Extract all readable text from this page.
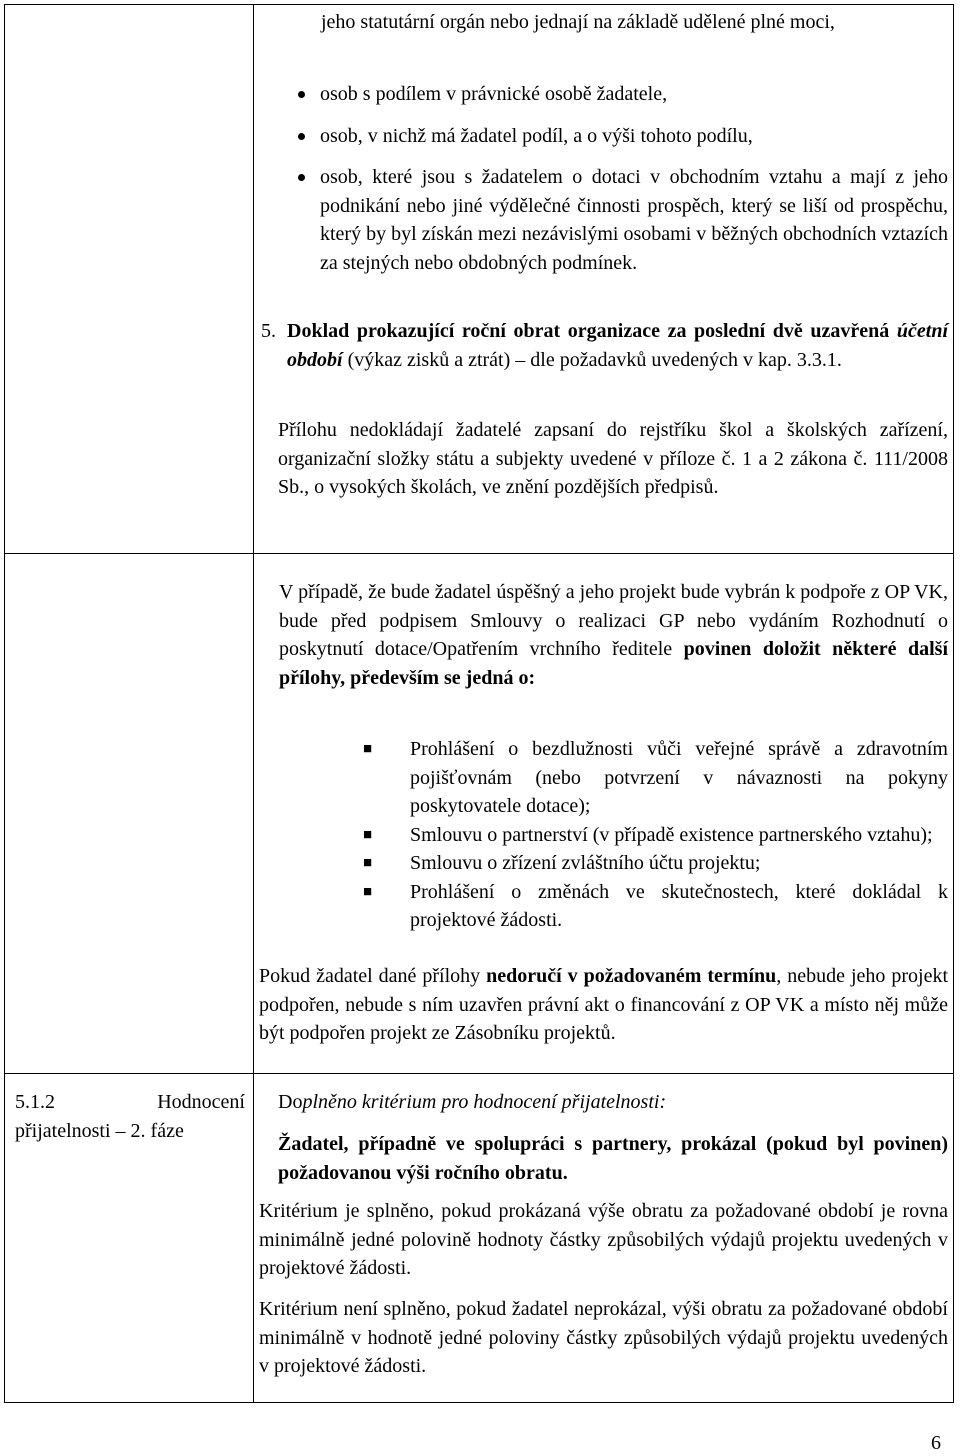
jeho statutární orgán nebo jednají na základě udělené plné moci,
osob s podílem v právnické osobě žadatele,
osob, v nichž má žadatel podíl, a o výši tohoto podílu,
osob, které jsou s žadatelem o dotaci v obchodním vztahu a mají z jeho podnikání nebo jiné výdělečné činnosti prospěch, který se liší od prospěchu, který by byl získán mezi nezávislými osobami v běžných obchodních vztazích za stejných nebo obdobných podmínek.
5. Doklad prokazující roční obrat organizace za poslední dvě uzavřená účetní období (výkaz zisků a ztrát) – dle požadavků uvedených v kap. 3.3.1.
Přílohu nedokládají žadatelé zapsaní do rejstříku škol a školských zařízení, organizační složky státu a subjekty uvedené v příloze č. 1 a 2 zákona č. 111/2008 Sb., o vysokých školách, ve znění pozdějších předpisů.
V případě, že bude žadatel úspěšný a jeho projekt bude vybrán k podpoře z OP VK, bude před podpisem Smlouvy o realizaci GP nebo vydáním Rozhodnutí o poskytnutí dotace/Opatřením vrchního ředitele povinen doložit některé další přílohy, především se jedná o:
■ Prohlášení o bezdlužnosti vůči veřejné správě a zdravotním pojišťovnám (nebo potvrzení v návaznosti na pokyny poskytovatele dotace);
■ Smlouvu o partnerství (v případě existence partnerského vztahu);
■ Smlouvu o zřízení zvláštního účtu projektu;
■ Prohlášení o změnách ve skutečnostech, které dokládal k projektové žádosti.
Pokud žadatel dané přílohy nedoručí v požadovaném termínu, nebude jeho projekt podpořen, nebude s ním uzavřen právní akt o financování z OP VK a místo něj může být podpořen projekt ze Zásobníku projektů.
5.1.2 Hodnocení přijatelnosti – 2. fáze
Doplněno kritérium pro hodnocení přijatelnosti:
Žadatel, případně ve spolupráci s partnery, prokázal (pokud byl povinen) požadovanou výši ročního obratu.
Kritérium je splněno, pokud prokázaná výše obratu za požadované období je rovna minimálně jedné polovině hodnoty částky způsobilých výdajů projektu uvedených v projektové žádosti.
Kritérium není splněno, pokud žadatel neprokázal, výši obratu za požadované období minimálně v hodnotě jedné poloviny částky způsobilých výdajů projektu uvedených v projektové žádosti.
6
